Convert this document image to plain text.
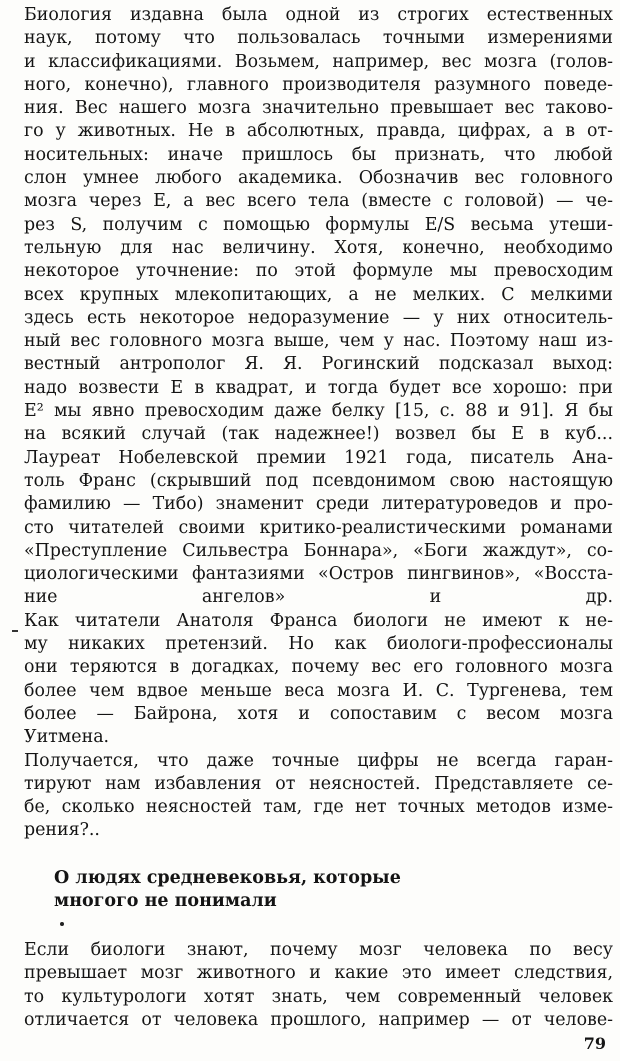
Биология издавна была одной из строгих естественных
наук, потому что пользовалась точными измерениями
и классификациями. Возьмем, например, вес мозга (голов-
ного, конечно), главного производителя разумного поведе-
ния. Вес нашего мозга значительно превышает вес таково-
го у животных. Не в абсолютных, правда, цифрах, а в от-
носительных: иначе пришлось бы признать, что любой
слон умнее любого академика. Обозначив вес головного
мозга через E, а вес всего тела (вместе с головой) — че-
рез S, получим с помощью формулы E/S весьма утеши-
тельную для нас величину. Хотя, конечно, необходимо
некоторое уточнение: по этой формуле мы превосходим
всех крупных млекопитающих, а не мелких. С мелкими
здесь есть некоторое недоразумение — у них относитель-
ный вес головного мозга выше, чем у нас. Поэтому наш из-
вестный антрополог Я. Я. Рогинский подсказал выход:
надо возвести E в квадрат, и тогда будет все хорошо: при
E² мы явно превосходим даже белку [15, с. 88 и 91]. Я бы
на всякий случай (так надежнее!) возвел бы E в куб...

Лауреат Нобелевской премии 1921 года, писатель Ана-
толь Франс (скрывший под псевдонимом свою настоящую
фамилию — Тибо) знаменит среди литературоведов и про-
сто читателей своими критико-реалистическими романами
«Преступление Сильвестра Боннара», «Боги жаждут», со-
циологическими фантазиями «Остров пингвинов», «Восста-
ние ангелов» и др.

Как читатели Анатоля Франса биологи не имеют к не-
му никаких претензий. Но как биологи-профессионалы
они теряются в догадках, почему вес его головного мозга
более чем вдвое меньше веса мозга И. С. Тургенева, тем
более — Байрона, хотя и сопоставим с весом мозга
Уитмена.

Получается, что даже точные цифры не всегда гаран-
тируют нам избавления от неясностей. Представляете се-
бе, сколько неясностей там, где нет точных методов изме-
рения?..

О людях средневековья, которые
многого не понимали

Если биологи знают, почему мозг человека по весу
превышает мозг животного и какие это имеет следствия,
то культурологи хотят знать, чем современный человек
отличается от человека прошлого, например — от челове-

79
